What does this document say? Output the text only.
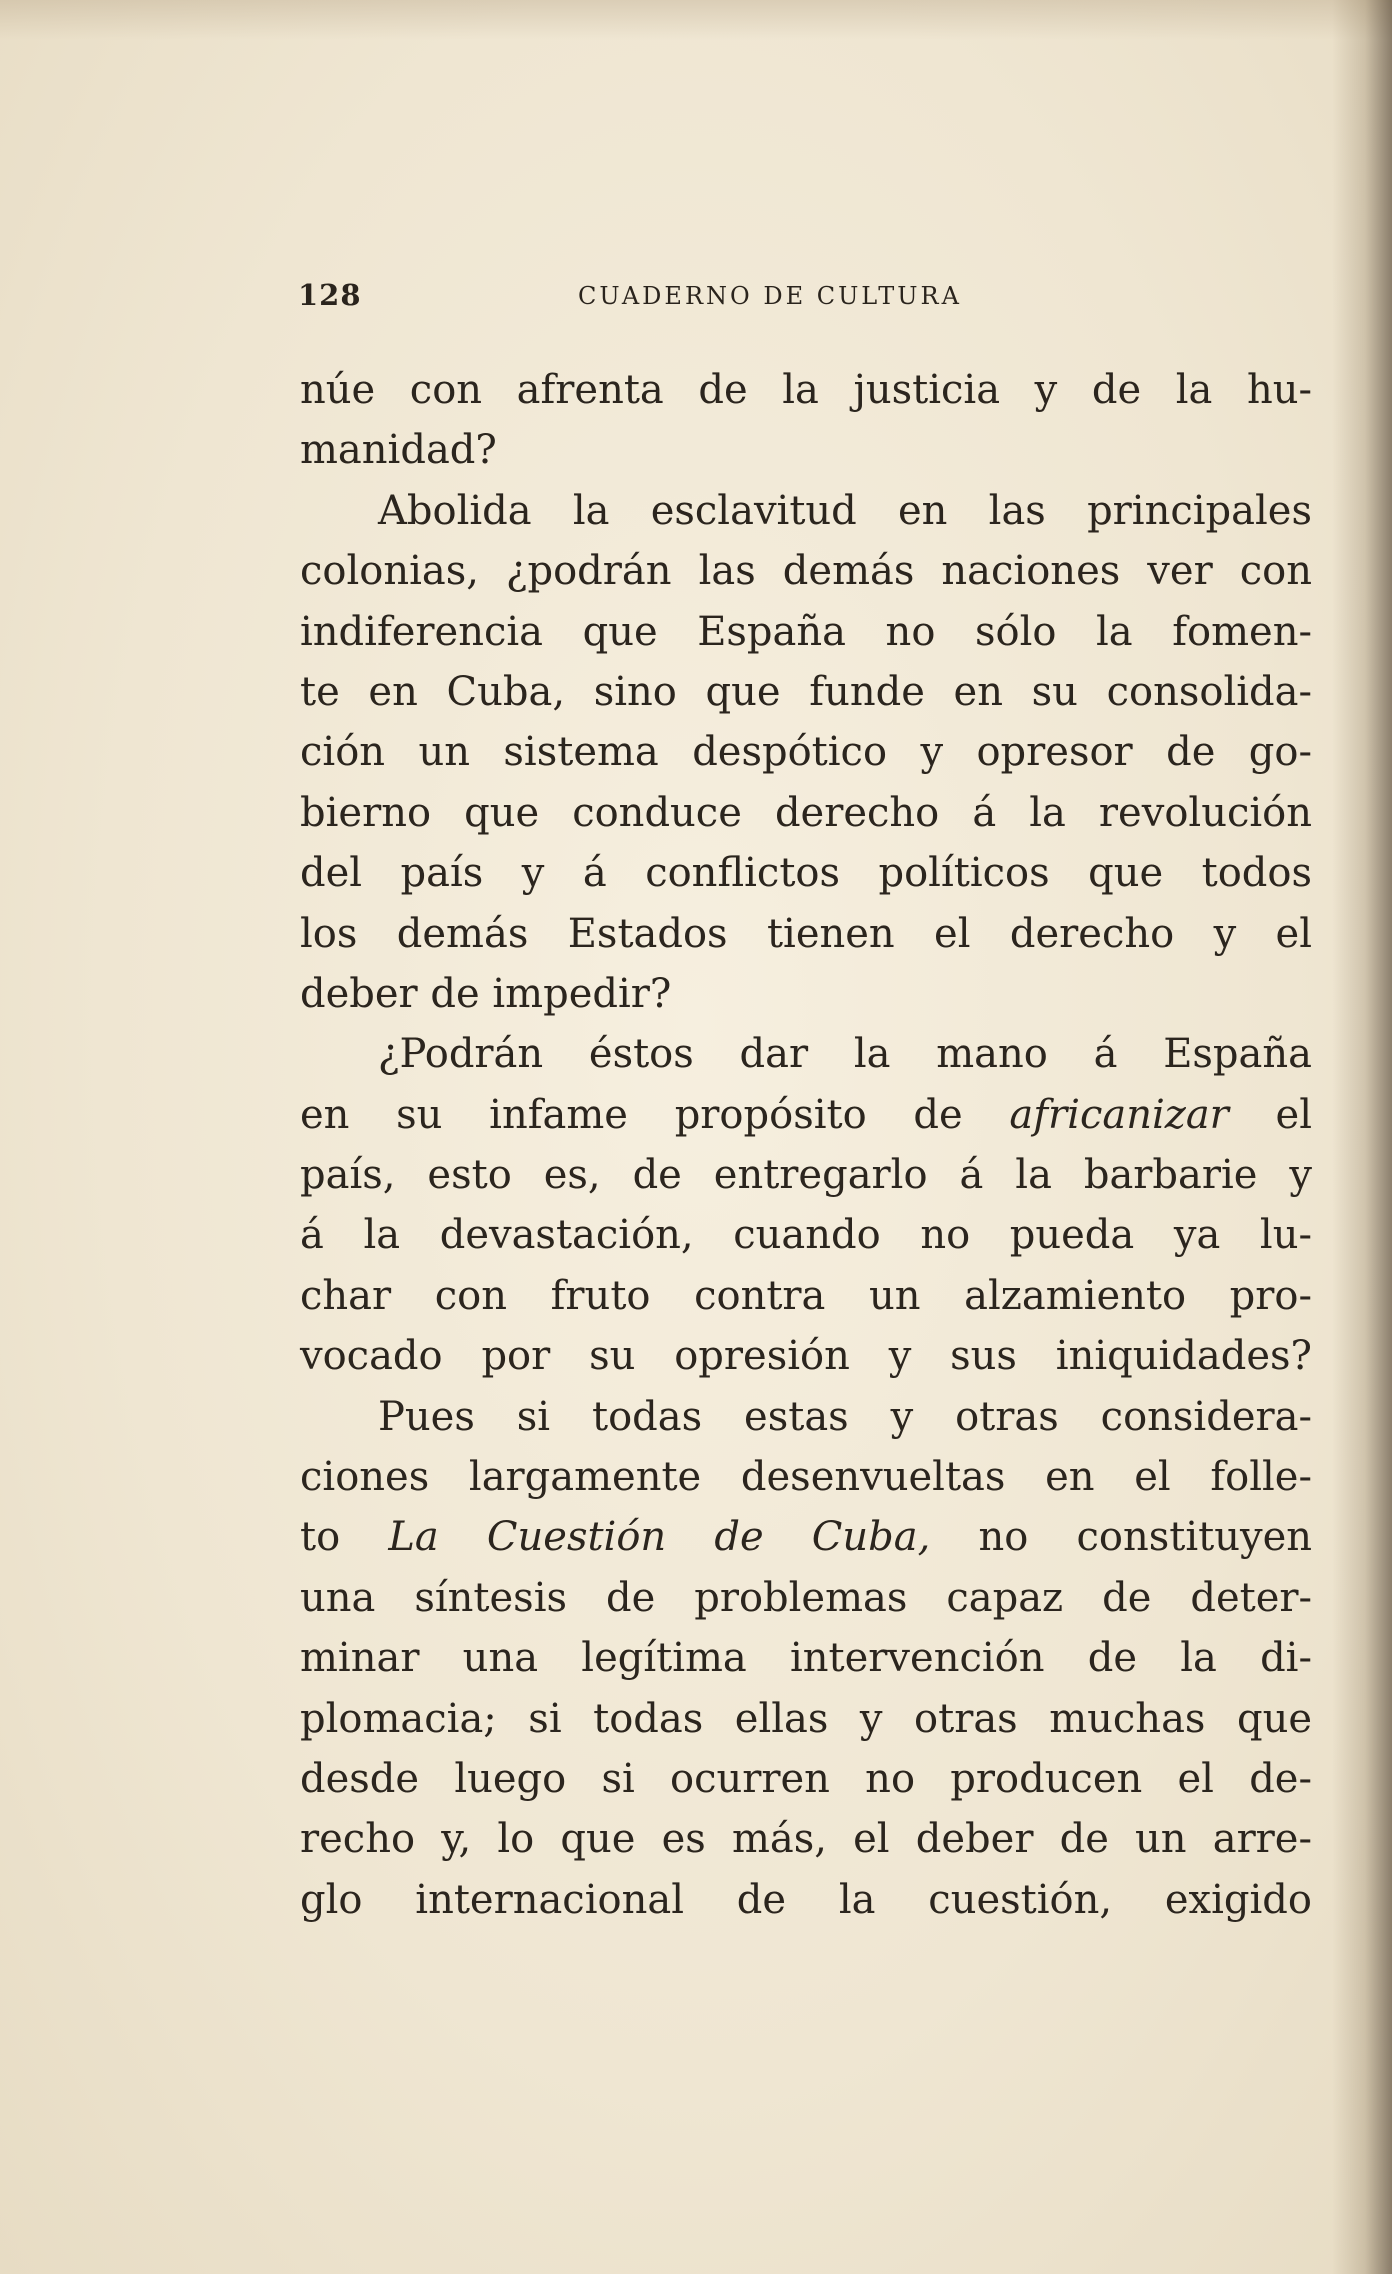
128	CUADERNO DE CULTURA
núe con afrenta de la justicia y de la hu-
manidad?
Abolida la esclavitud en las principales
colonias, ¿podrán las demás naciones ver con
indiferencia que España no sólo la fomen-
te en Cuba, sino que funde en su consolida-
ción un sistema despótico y opresor de go-
bierno que conduce derecho á la revolución
del país y á conflictos políticos que todos
los demás Estados tienen el derecho y el
deber de impedir?
¿Podrán éstos dar la mano á España
en su infame propósito de africanizar el
país, esto es, de entregarlo á la barbarie y
á la devastación, cuando no pueda ya lu-
char con fruto contra un alzamiento pro-
vocado por su opresión y sus iniquidades?
Pues si todas estas y otras considera-
ciones largamente desenvueltas en el folle-
to La Cuestión de Cuba, no constituyen
una síntesis de problemas capaz de deter-
minar una legítima intervención de la di-
plomacia; si todas ellas y otras muchas que
desde luego si ocurren no producen el de-
recho y, lo que es más, el deber de un arre-
glo internacional de la cuestión, exigido
